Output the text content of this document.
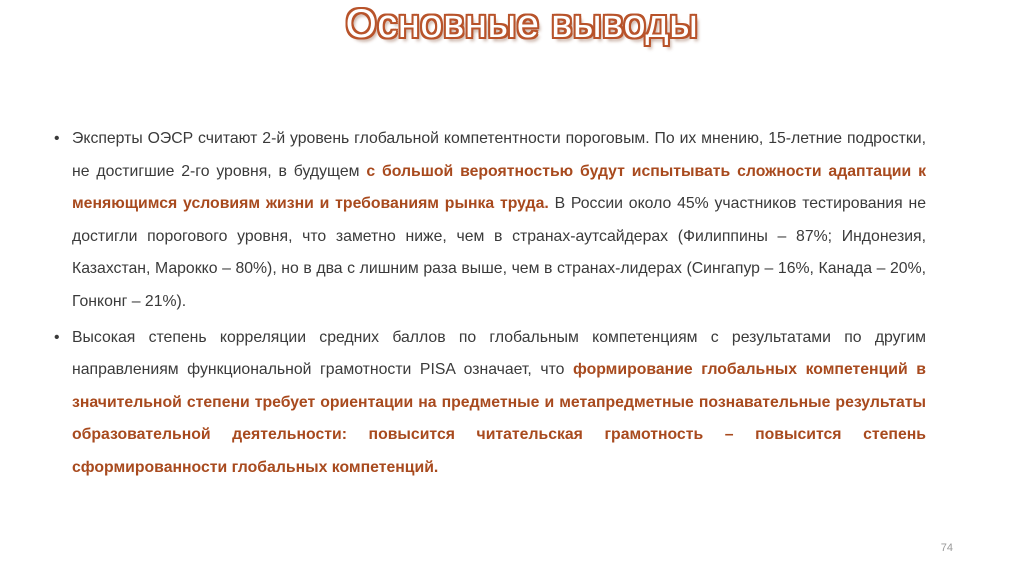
Основные выводы
• Эксперты ОЭСР считают 2-й уровень глобальной компетентности пороговым. По их мнению, 15-летние подростки, не достигшие 2-го уровня, в будущем с большой вероятностью будут испытывать сложности адаптации к меняющимся условиям жизни и требованиям рынка труда. В России около 45% участников тестирования не достигли порогового уровня, что заметно ниже, чем в странах-аутсайдерах (Филиппины – 87%; Индонезия, Казахстан, Марокко – 80%), но в два с лишним раза выше, чем в странах-лидерах (Сингапур – 16%, Канада – 20%, Гонконг – 21%).
• Высокая степень корреляции средних баллов по глобальным компетенциям с результатами по другим направлениям функциональной грамотности PISA означает, что формирование глобальных компетенций в значительной степени требует ориентации на предметные и метапредметные познавательные результаты образовательной деятельности: повысится читательская грамотность – повысится степень сформированности глобальных компетенций.
74
